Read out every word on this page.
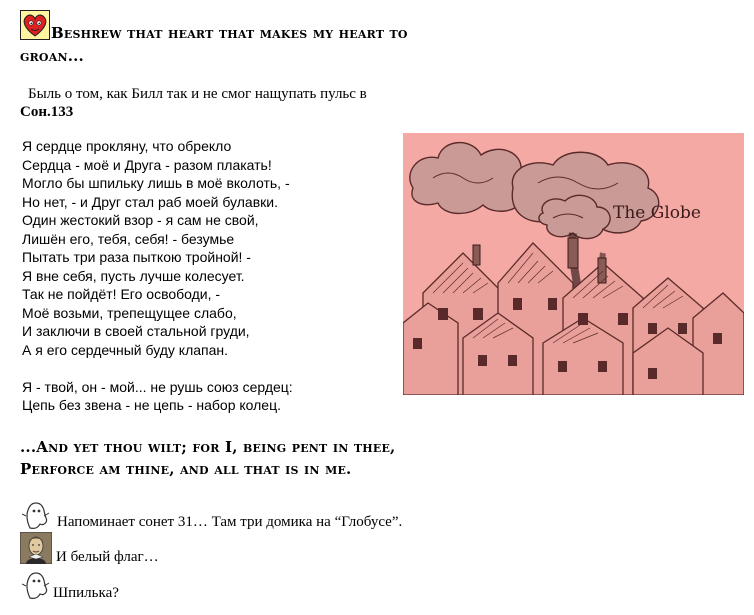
Beshrew that heart that makes my heart to
groan...
Быль о том, как Билл так и не смог нащупать пульс в
Сон.133

Я сердце прокляну, что обрекло

Сердца - моё и Друга - разом плакать!

Могло бы шпильку лишь в моё вколоть, -

Но нет, - и Друг стал раб моей булавки.

Один жестокий взор - я сам не свой,

Лишён его, тебя, себя! - безумье

Пытать три раза пыткою тройной! -

Я вне себя, пусть лучше колесует.

Так не пойдёт! Его освободи, -

Моё возьми, трепещущее слабо,

И заключи в своей стальной груди,

А я его сердечный буду клапан.

Я - твой, он - мой... не рушь союз сердец:

Цепь без звена - не цепь - набор колец.

The Globe
...And yet thou wilt; for I, being pent in thee,
Perforce am thine, and all that is in me.
Напоминает сонет 31… Там три домика на “Глобусе”.
И белый флаг…
Шпилька?
